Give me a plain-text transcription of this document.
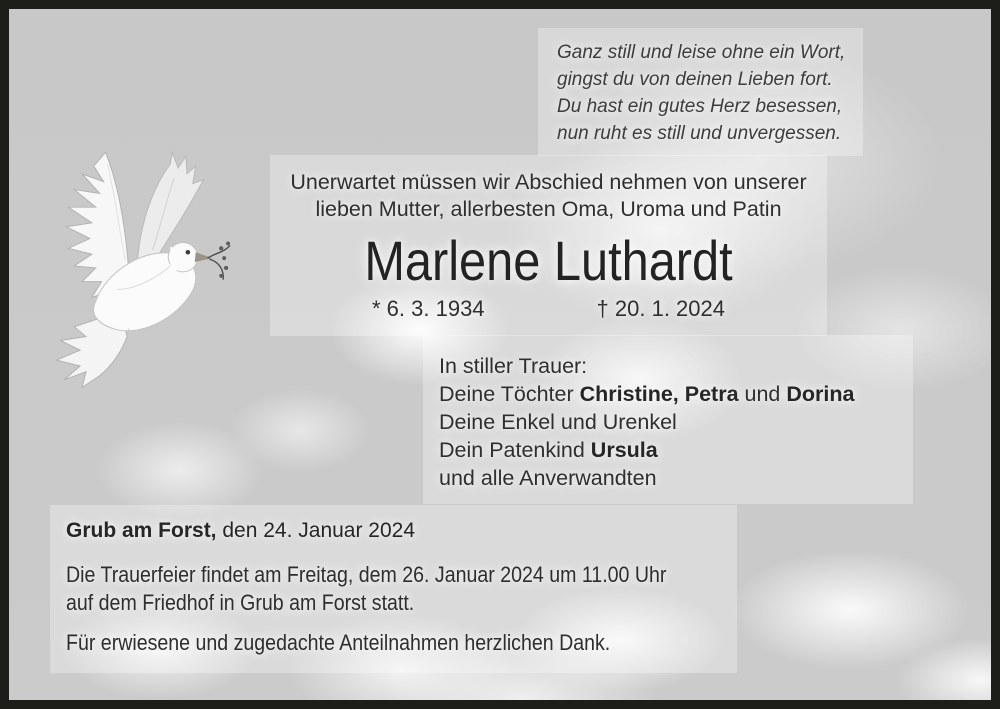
Ganz still und leise ohne ein Wort,
gingst du von deinen Lieben fort.
Du hast ein gutes Herz besessen,
nun ruht es still und unvergessen.
Unerwartet müssen wir Abschied nehmen von unserer
lieben Mutter, allerbesten Oma, Uroma und Patin
Marlene Luthardt
* 6. 3. 1934	† 20. 1. 2024
In stiller Trauer:
Deine Töchter Christine, Petra und Dorina
Deine Enkel und Urenkel
Dein Patenkind Ursula
und alle Anverwandten
Grub am Forst, den 24. Januar 2024
Die Trauerfeier findet am Freitag, dem 26. Januar 2024 um 11.00 Uhr
auf dem Friedhof in Grub am Forst statt.
Für erwiesene und zugedachte Anteilnahmen herzlichen Dank.
